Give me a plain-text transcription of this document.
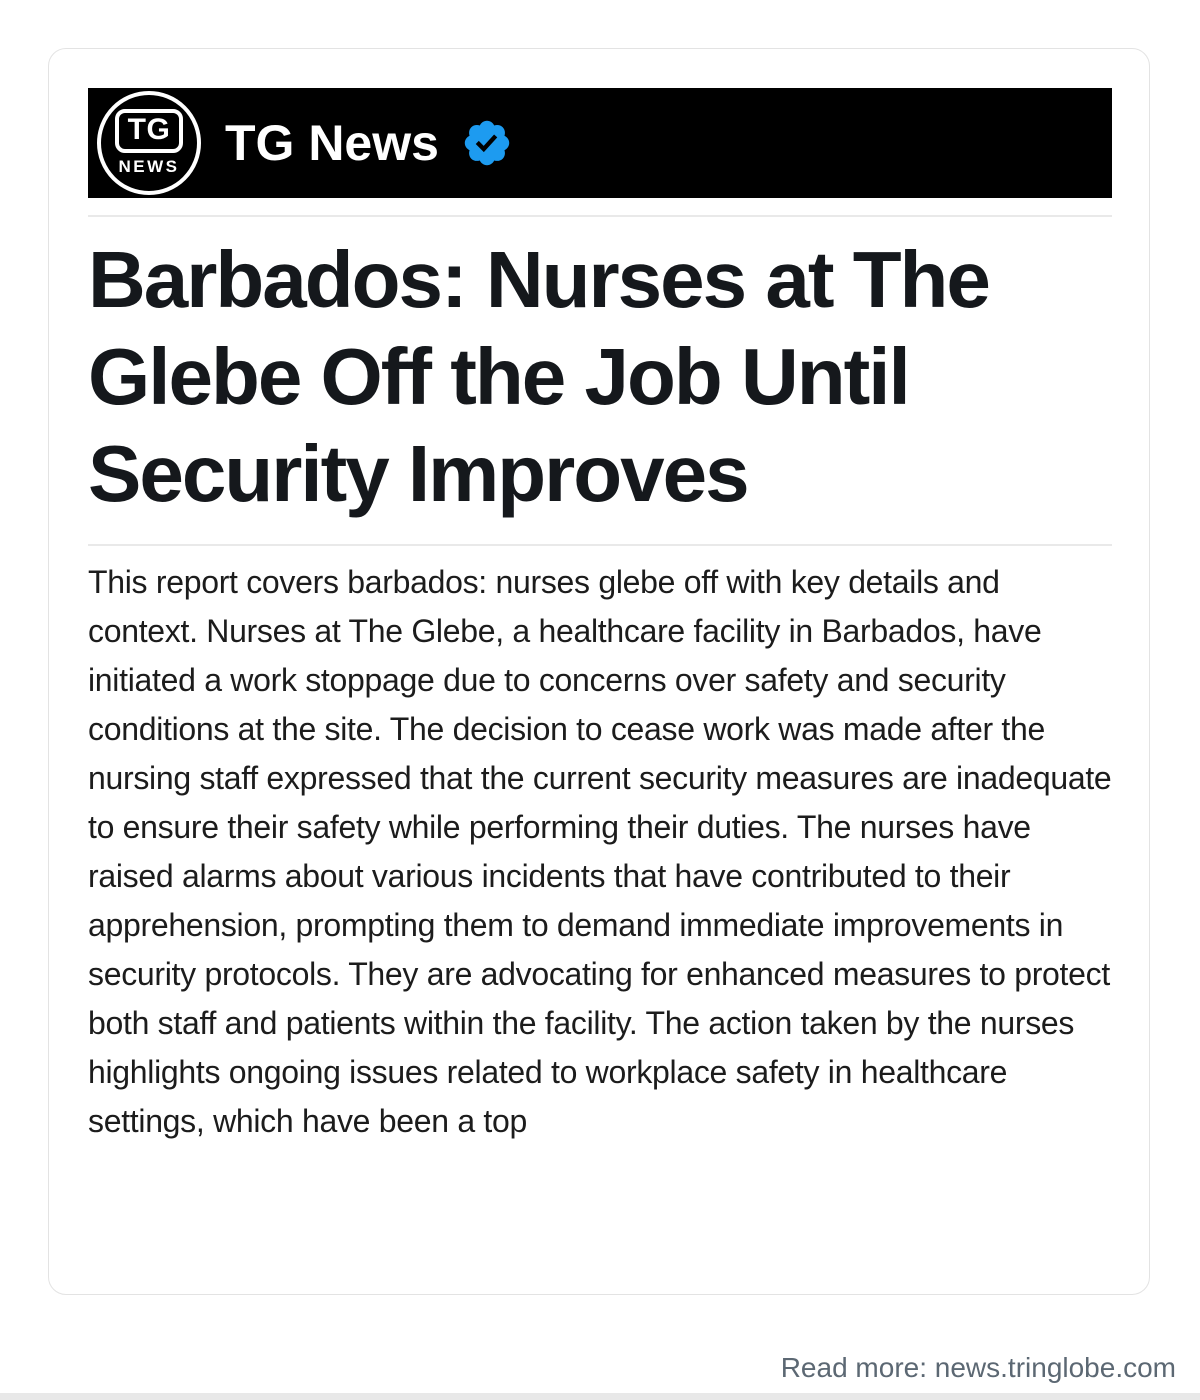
TG
NEWS TG News
Barbados: Nurses at The Glebe Off the Job Until Security Improves

This report covers barbados: nurses glebe off with key details and context. Nurses at The Glebe, a healthcare facility in Barbados, have initiated a work stoppage due to concerns over safety and security conditions at the site. The decision to cease work was made after the nursing staff expressed that the current security measures are inadequate to ensure their safety while performing their duties. The nurses have raised alarms about various incidents that have contributed to their apprehension, prompting them to demand immediate improvements in security protocols. They are advocating for enhanced measures to protect both staff and patients within the facility. The action taken by the nurses highlights ongoing issues related to workplace safety in healthcare settings, which have been a top

Read more: news.tringlobe.com
